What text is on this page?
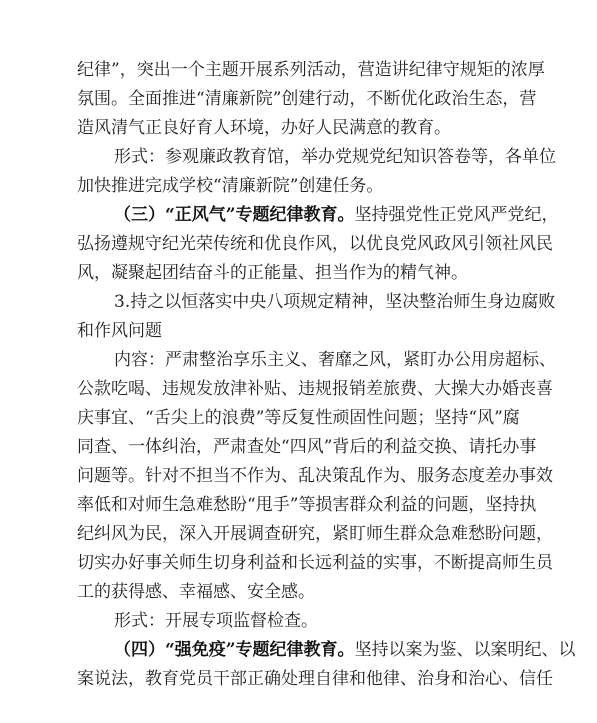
纪律”，突出一个主题开展系列活动，营造讲纪律守规矩的浓厚
氛围。全面推进“清廉新院”创建行动，不断优化政治生态，营
造风清气正良好育人环境，办好人民满意的教育。
形式：参观廉政教育馆，举办党规党纪知识答卷等，各单位
加快推进完成学校“清廉新院”创建任务。
（三）“正风气”专题纪律教育。坚持强党性正党风严党纪，
弘扬遵规守纪光荣传统和优良作风，以优良党风政风引领社风民
风，凝聚起团结奋斗的正能量、担当作为的精气神。
3.持之以恒落实中央八项规定精神，坚决整治师生身边腐败
和作风问题
内容：严肃整治享乐主义、奢靡之风，紧盯办公用房超标、
公款吃喝、违规发放津补贴、违规报销差旅费、大操大办婚丧喜
庆事宜、“舌尖上的浪费”等反复性顽固性问题；坚持“风”腐
同查、一体纠治，严肃查处“四风”背后的利益交换、请托办事
问题等。针对不担当不作为、乱决策乱作为、服务态度差办事效
率低和对师生急难愁盼“甩手”等损害群众利益的问题，坚持执
纪纠风为民，深入开展调查研究，紧盯师生群众急难愁盼问题，
切实办好事关师生切身利益和长远利益的实事，不断提高师生员
工的获得感、幸福感、安全感。
形式：开展专项监督检查。
（四）“强免疫”专题纪律教育。坚持以案为鉴、以案明纪、以
案说法，教育党员干部正确处理自律和他律、治身和治心、信任
